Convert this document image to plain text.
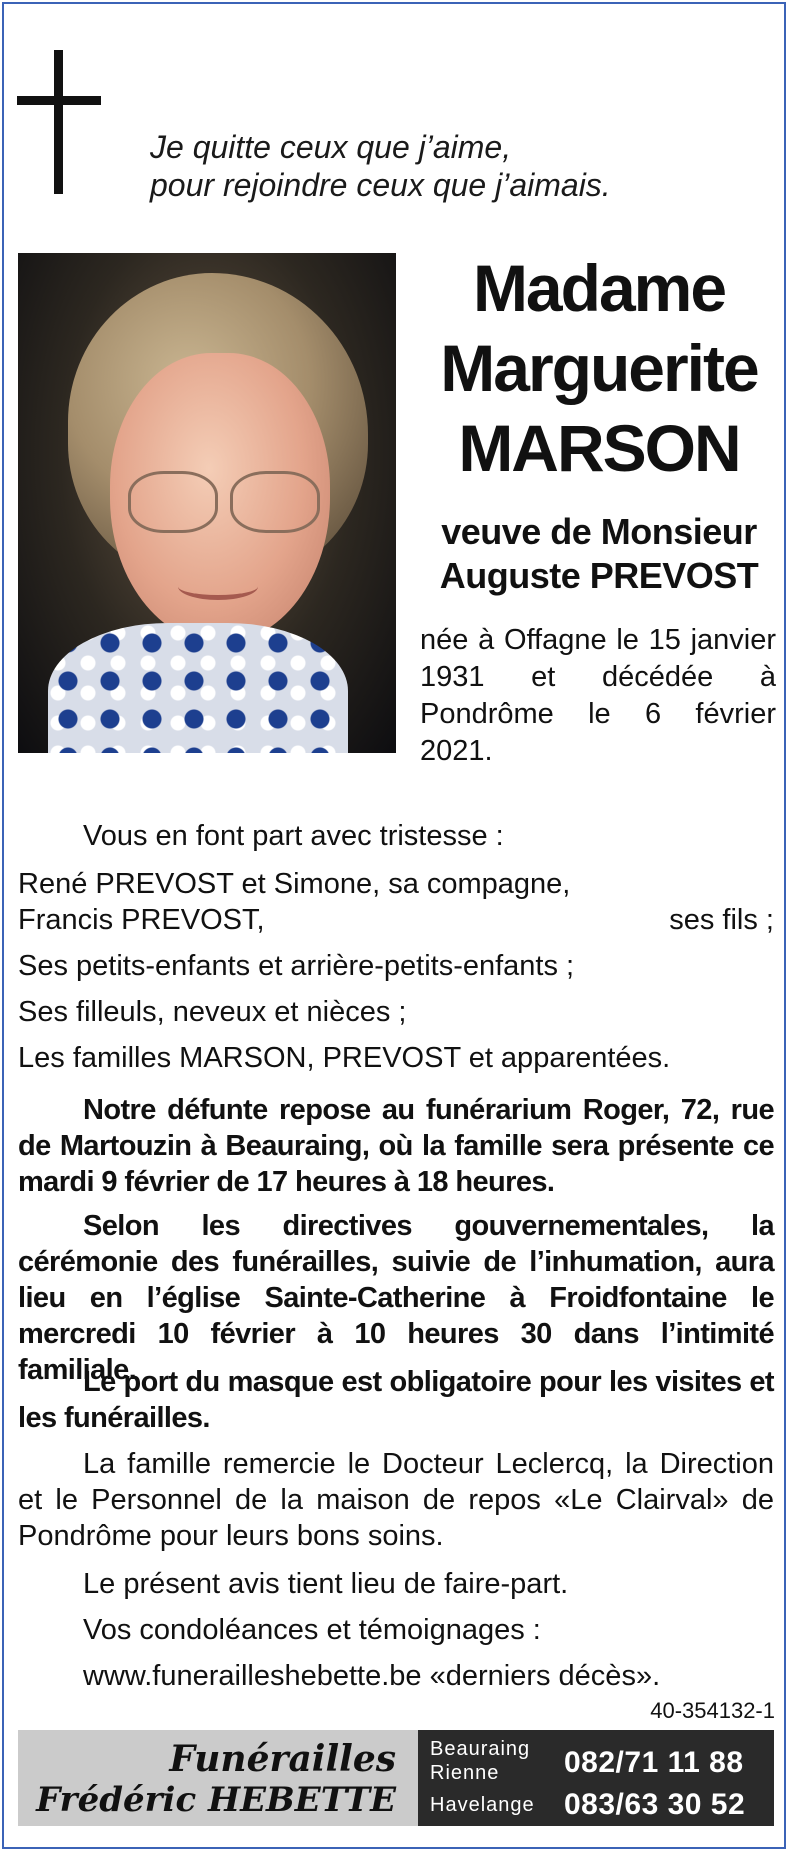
Je quitte ceux que j’aime,
pour rejoindre ceux que j’aimais.
Madame
Marguerite
MARSON
veuve de Monsieur
Auguste PREVOST
née à Offagne le 15 janvier 1931 et décédée à Pondrôme le 6 février 2021.
Vous en font part avec tristesse :
René PREVOST et Simone, sa compagne,
Francis PREVOST,	ses fils ;
Ses petits-enfants et arrière-petits-enfants ;
Ses filleuls, neveux et nièces ;
Les familles MARSON, PREVOST et apparentées.
Notre défunte repose au funérarium Roger, 72, rue de Martouzin à Beauraing, où la famille sera présente ce mardi 9 février de 17 heures à 18 heures.
Selon les directives gouvernementales, la cérémonie des funérailles, suivie de l’inhumation, aura lieu en l’église Sainte-Catherine à Froidfontaine le mercredi 10 février à 10 heures 30 dans l’intimité familiale.
Le port du masque est obligatoire pour les visites et les funérailles.
La famille remercie le Docteur Leclercq, la Direction et le Personnel de la maison de repos «Le Clairval» de Pondrôme pour leurs bons soins.
Le présent avis tient lieu de faire-part.
Vos condoléances et témoignages :
www.funerailleshebette.be «derniers décès».
40-354132-1
Funérailles
Frédéric HEBETTE
Beauraing
Rienne
Havelange
082/71 11 88
083/63 30 52
